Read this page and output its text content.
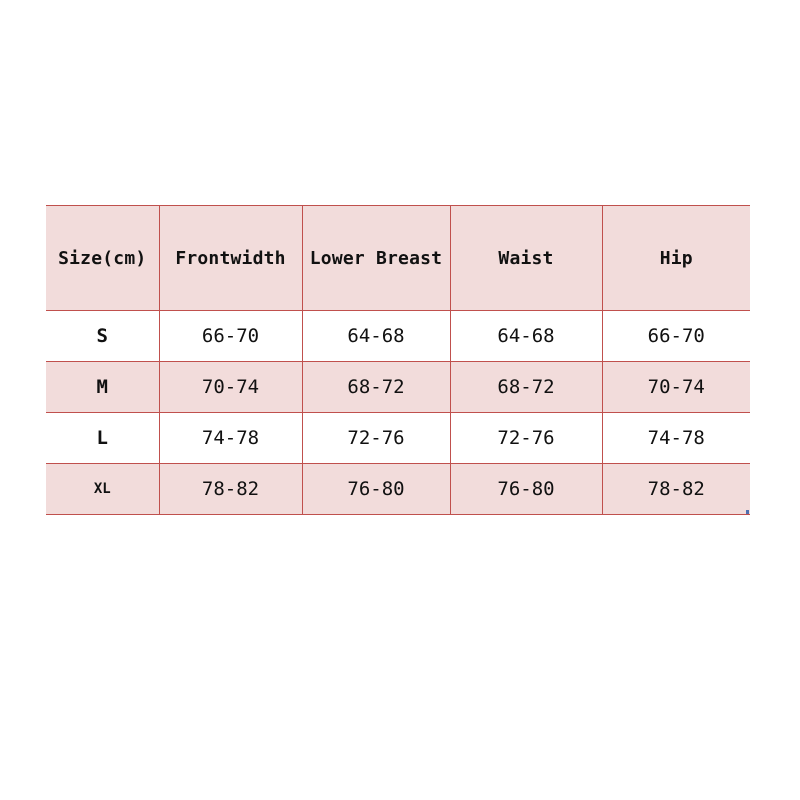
Size(cm)	Frontwidth	Lower Breast	Waist	Hip
S	66-70	64-68	64-68	66-70
M	70-74	68-72	68-72	70-74
L	74-78	72-76	72-76	74-78
XL	78-82	76-80	76-80	78-82
